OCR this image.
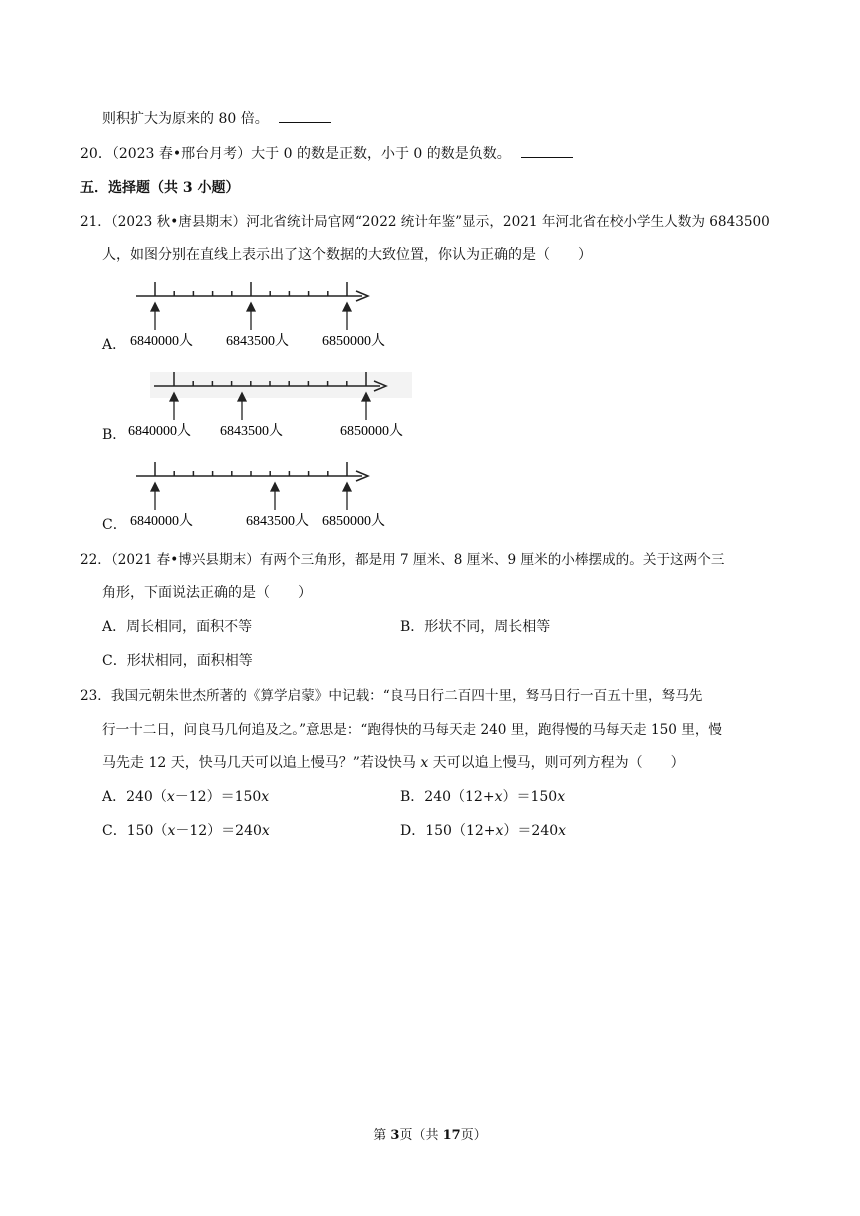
则积扩大为原来的 80 倍。
20．（2023 春•邢台月考）大于 0 的数是正数，小于 0 的数是负数。
五．选择题（共 3 小题）
21．（2023 秋•唐县期末）河北省统计局官网“2022 统计年鉴”显示，2021 年河北省在校小学生人数为 6843500
人，如图分别在直线上表示出了这个数据的大致位置，你认为正确的是（　　）
A． 6840000人 6843500人 6850000人
B． 6840000人 6843500人	6850000人
C． 6840000人	6843500人 6850000人
22．（2021 春•博兴县期末）有两个三角形，都是用 7 厘米、8 厘米、9 厘米的小棒摆成的。关于这两个三
角形，下面说法正确的是（　　）
A．周长相同，面积不等	B．形状不同，周长相等
C．形状相同，面积相等
23．我国元朝朱世杰所著的《算学启蒙》中记载：“良马日行二百四十里，驽马日行一百五十里，驽马先
行一十二日，问良马几何追及之。”意思是：“跑得快的马每天走 240 里，跑得慢的马每天走 150 里，慢
马先走 12 天，快马几天可以追上慢马？”若设快马 x 天可以追上慢马，则可列方程为（　　）
A．240（x－12）＝150x	B．240（12+x）＝150x
C．150（x－12）＝240x	D．150（12+x）＝240x
第 3页（共 17页）
